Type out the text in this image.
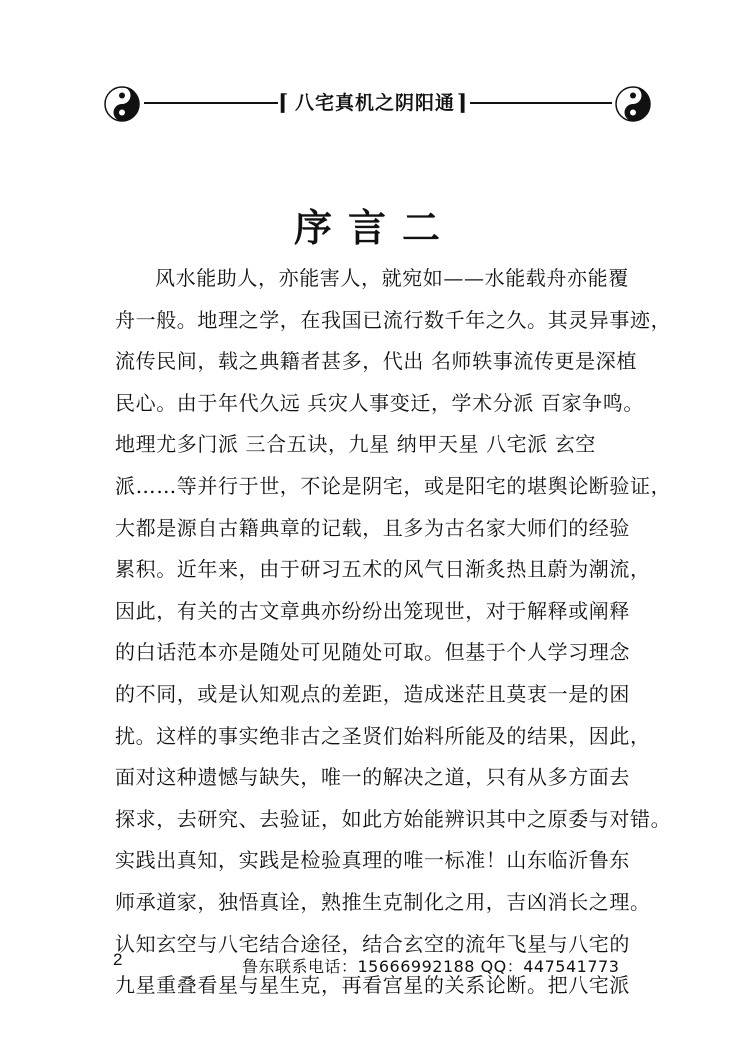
⌈ 八宅真机之阴阳通 ⌉
序言二
风水能助人，亦能害人，就宛如——水能载舟亦能覆
舟一般。地理之学，在我国已流行数千年之久。其灵异事迹，
流传民间，载之典籍者甚多，代出 名师轶事流传更是深植
民心。由于年代久远 兵灾人事变迁，学术分派 百家争鸣。
地理尤多门派 三合五诀，九星 纳甲天星 八宅派 玄空
派……等并行于世，不论是阴宅，或是阳宅的堪舆论断验证，
大都是源自古籍典章的记载，且多为古名家大师们的经验
累积。近年来，由于研习五术的风气日渐炙热且蔚为潮流，
因此，有关的古文章典亦纷纷出笼现世，对于解释或阐释
的白话范本亦是随处可见随处可取。但基于个人学习理念
的不同，或是认知观点的差距，造成迷茫且莫衷一是的困
扰。这样的事实绝非古之圣贤们始料所能及的结果，因此，
面对这种遗憾与缺失，唯一的解决之道，只有从多方面去
探求，去研究、去验证，如此方始能辨识其中之原委与对错。
实践出真知，实践是检验真理的唯一标准！山东临沂鲁东
师承道家，独悟真诠，熟推生克制化之用，吉凶消长之理。
认知玄空与八宅结合途径，结合玄空的流年飞星与八宅的
九星重叠看星与星生克，再看宫星的关系论断。把八宅派
2	鲁东联系电话：15666992188 QQ：447541773
